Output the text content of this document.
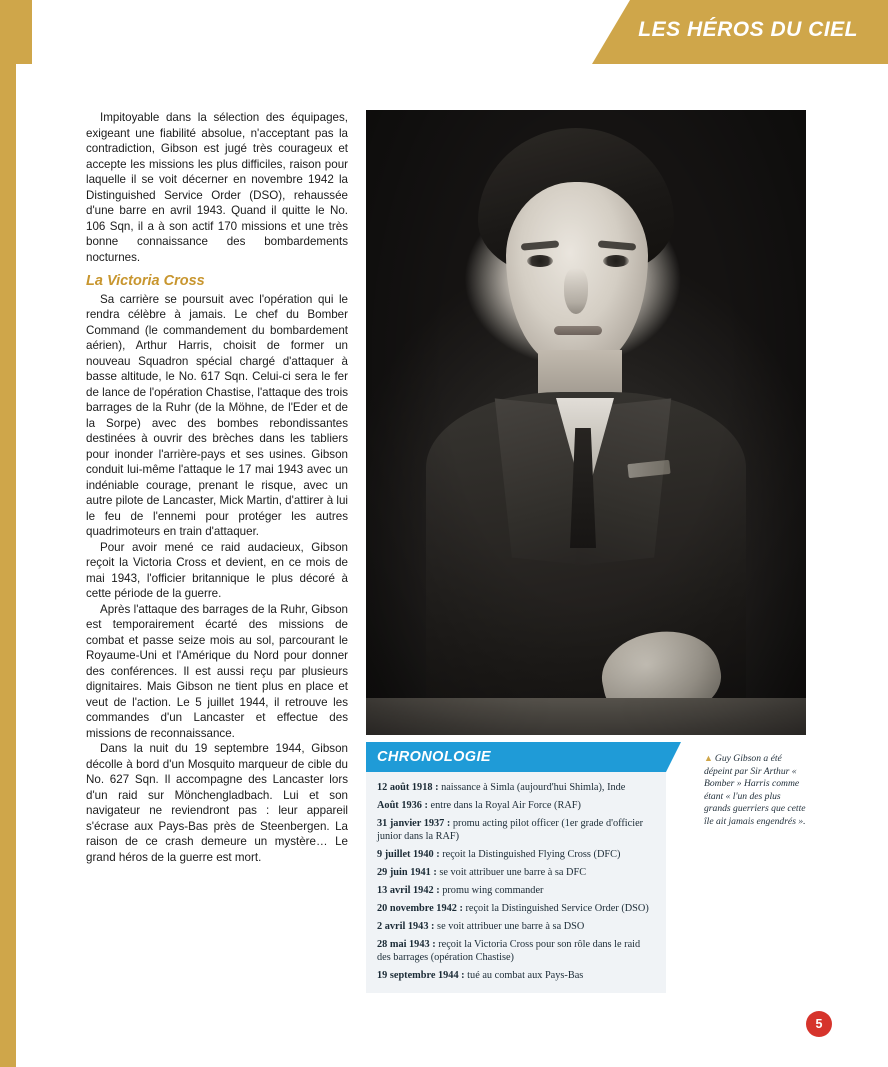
LES HÉROS DU CIEL

Impitoyable dans la sélection des équipages, exigeant une fiabilité absolue, n'acceptant pas la contradiction, Gibson est jugé très courageux et accepte les missions les plus difficiles, raison pour laquelle il se voit décerner en novembre 1942 la Distinguished Service Order (DSO), rehaussée d'une barre en avril 1943. Quand il quitte le No. 106 Sqn, il a à son actif 170 missions et une très bonne connaissance des bombardements nocturnes.

La Victoria Cross

Sa carrière se poursuit avec l'opération qui le rendra célèbre à jamais. Le chef du Bomber Command (le commandement du bombardement aérien), Arthur Harris, choisit de former un nouveau Squadron spécial chargé d'attaquer à basse altitude, le No. 617 Sqn. Celui-ci sera le fer de lance de l'opération Chastise, l'attaque des trois barrages de la Ruhr (de la Möhne, de l'Eder et de la Sorpe) avec des bombes rebondissantes destinées à ouvrir des brèches dans les tabliers pour inonder l'arrière-pays et ses usines. Gibson conduit lui-même l'attaque le 17 mai 1943 avec un indéniable courage, prenant le risque, avec un autre pilote de Lancaster, Mick Martin, d'attirer à lui le feu de l'ennemi pour protéger les autres quadrimoteurs en train d'attaquer.

Pour avoir mené ce raid audacieux, Gibson reçoit la Victoria Cross et devient, en ce mois de mai 1943, l'officier britannique le plus décoré à cette période de la guerre.

Après l'attaque des barrages de la Ruhr, Gibson est temporairement écarté des missions de combat et passe seize mois au sol, parcourant le Royaume-Uni et l'Amérique du Nord pour donner des conférences. Il est aussi reçu par plusieurs dignitaires. Mais Gibson ne tient plus en place et veut de l'action. Le 5 juillet 1944, il retrouve les commandes d'un Lancaster et effectue des missions de reconnaissance.

Dans la nuit du 19 septembre 1944, Gibson décolle à bord d'un Mosquito marqueur de cible du No. 627 Sqn. Il accompagne des Lancaster lors d'un raid sur Mönchengladbach. Lui et son navigateur ne reviendront pas : leur appareil s'écrase aux Pays-Bas près de Steenbergen. La raison de ce crash demeure un mystère… Le grand héros de la guerre est mort.

▲ Guy Gibson a été dépeint par Sir Arthur « Bomber » Harris comme étant « l'un des plus grands guerriers que cette île ait jamais engendrés ».
CHRONOLOGIE
12 août 1918 : naissance à Simla (aujourd'hui Shimla), Inde
Août 1936 : entre dans la Royal Air Force (RAF)
31 janvier 1937 : promu acting pilot officer (1er grade d'officier junior dans la RAF)
9 juillet 1940 : reçoit la Distinguished Flying Cross (DFC)
29 juin 1941 : se voit attribuer une barre à sa DFC
13 avril 1942 : promu wing commander
20 novembre 1942 : reçoit la Distinguished Service Order (DSO)
2 avril 1943 : se voit attribuer une barre à sa DSO
28 mai 1943 : reçoit la Victoria Cross pour son rôle dans le raid des barrages (opération Chastise)
19 septembre 1944 : tué au combat aux Pays-Bas
5
